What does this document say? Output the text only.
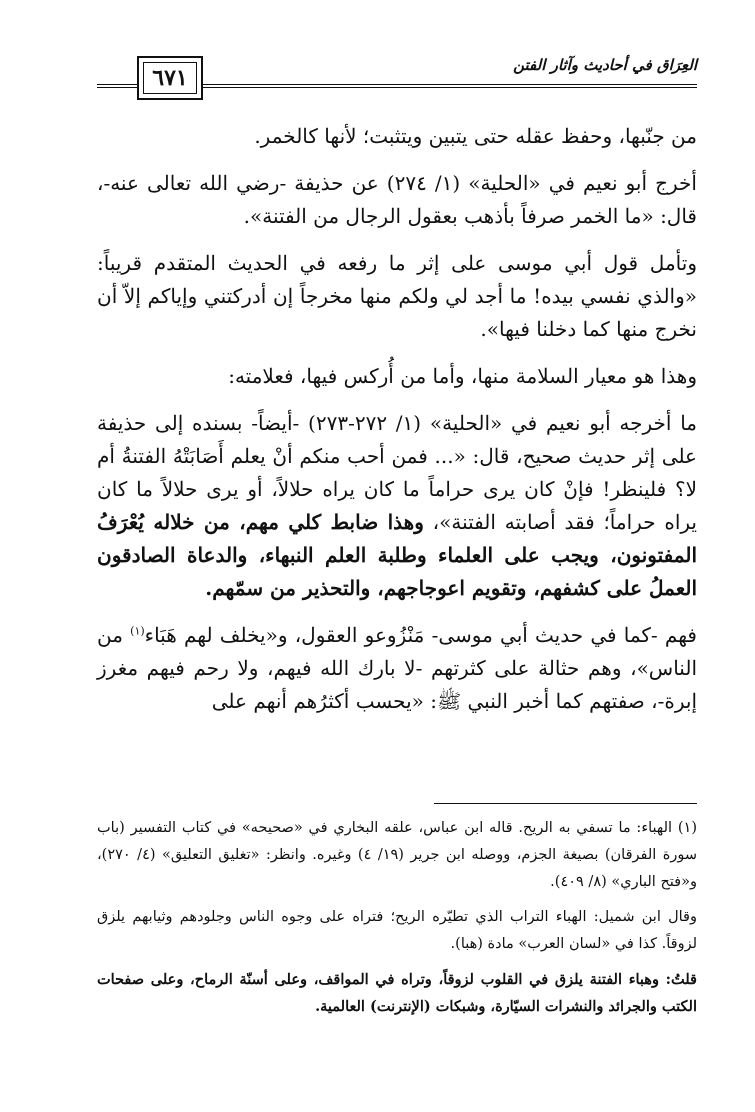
٦٧١	العِرَاق في أحاديث وآثار الفتن

من جنّبها، وحفظ عقله حتى يتبين ويتثبت؛ لأنها كالخمر.

أخرج أبو نعيم في «الحلية» (١/ ٢٧٤) عن حذيفة -رضي الله تعالى عنه-، قال: «ما الخمر صرفاً بأذهب بعقول الرجال من الفتنة».

وتأمل قول أبي موسى على إثر ما رفعه في الحديث المتقدم قريباً: «والذي نفسي بيده! ما أجد لي ولكم منها مخرجاً إن أدركتني وإياكم إلاّ أن نخرج منها كما دخلنا فيها».

وهذا هو معيار السلامة منها، وأما من أُركس فيها، فعلامته:

ما أخرجه أبو نعيم في «الحلية» (١/ ٢٧٢-٢٧٣) -أيضاً- بسنده إلى حذيفة على إثر حديث صحيح، قال: «... فمن أحب منكم أنْ يعلم أَصَابَتْهُ الفتنةُ أم لا؟ فلينظر! فإنْ كان يرى حراماً ما كان يراه حلالاً، أو يرى حلالاً ما كان يراه حراماً؛ فقد أصابته الفتنة»، وهذا ضابط كلي مهم، من خلاله يُعْرَفُ المفتونون، ويجب على العلماء وطلبة العلم النبهاء، والدعاة الصادقون العملُ على كشفهم، وتقويم اعوجاجهم، والتحذير من سمّهم.

فهم -كما في حديث أبي موسى- مَنْزُوعو العقول، و«يخلف لهم هَبَاء$^{(١)}$ من الناس»، وهم حثالة على كثرتهم -لا بارك الله فيهم، ولا رحم فيهم مغرز إبرة-، صفتهم كما أخبر النبي ﷺ: «يحسب أكثرُهم أنهم على

(١) الهباء: ما تسفي به الريح. قاله ابن عباس، علقه البخاري في «صحيحه» في كتاب التفسير (باب سورة الفرقان) بصيغة الجزم، ووصله ابن جرير (١٩/ ٤) وغيره. وانظر: «تغليق التعليق» (٤/ ٢٧٠)، و«فتح الباري» (٨/ ٤٠٩).

وقال ابن شميل: الهباء التراب الذي تطيّره الريح؛ فتراه على وجوه الناس وجلودهم وثيابهم يلزق لزوقاً. كذا في «لسان العرب» مادة (هبا).

قلتُ: وهباء الفتنة يلزق في القلوب لزوقاً، وتراه في المواقف، وعلى أسنّة الرماح، وعلى صفحات الكتب والجرائد والنشرات السيّارة، وشبكات (الإنترنت) العالمية.
